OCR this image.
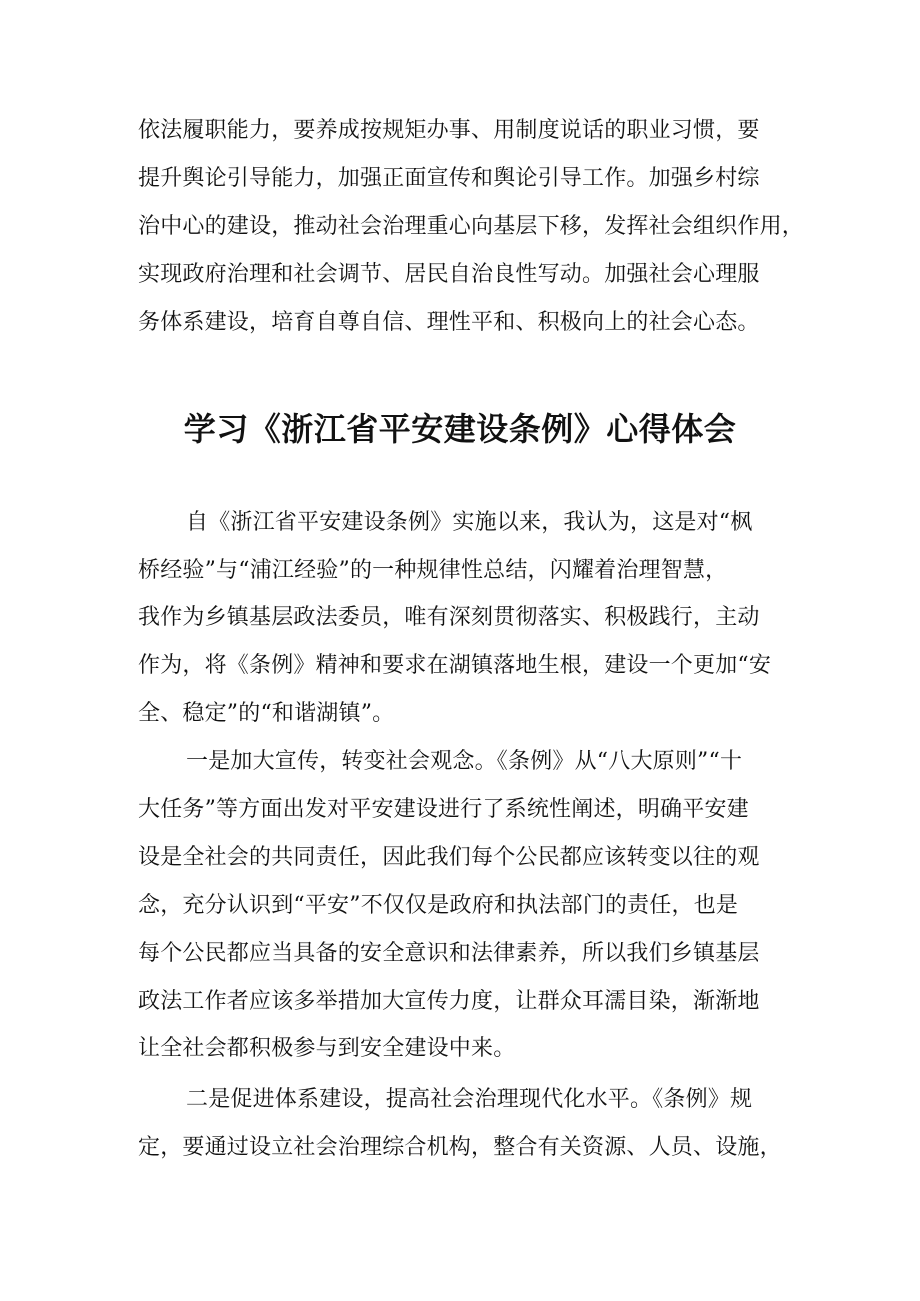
依法履职能力，要养成按规矩办事、用制度说话的职业习惯，要
提升舆论引导能力，加强正面宣传和舆论引导工作。加强乡村综
治中心的建设，推动社会治理重心向基层下移，发挥社会组织作用，
实现政府治理和社会调节、居民自治良性写动。加强社会心理服
务体系建设，培育自尊自信、理性平和、积极向上的社会心态。
学习《浙江省平安建设条例》心得体会
自《浙江省平安建设条例》实施以来，我认为，这是对“枫
桥经验”与“浦江经验”的一种规律性总结，闪耀着治理智慧，
我作为乡镇基层政法委员，唯有深刻贯彻落实、积极践行，主动
作为，将《条例》精神和要求在湖镇落地生根，建设一个更加“安
全、稳定”的“和谐湖镇”。
一是加大宣传，转变社会观念。《条例》从“八大原则”“十
大任务”等方面出发对平安建设进行了系统性阐述，明确平安建
设是全社会的共同责任，因此我们每个公民都应该转变以往的观
念，充分认识到“平安”不仅仅是政府和执法部门的责任，也是
每个公民都应当具备的安全意识和法律素养，所以我们乡镇基层
政法工作者应该多举措加大宣传力度，让群众耳濡目染，渐渐地
让全社会都积极参与到安全建设中来。
二是促进体系建设，提高社会治理现代化水平。《条例》规
定，要通过设立社会治理综合机构，整合有关资源、人员、设施，
